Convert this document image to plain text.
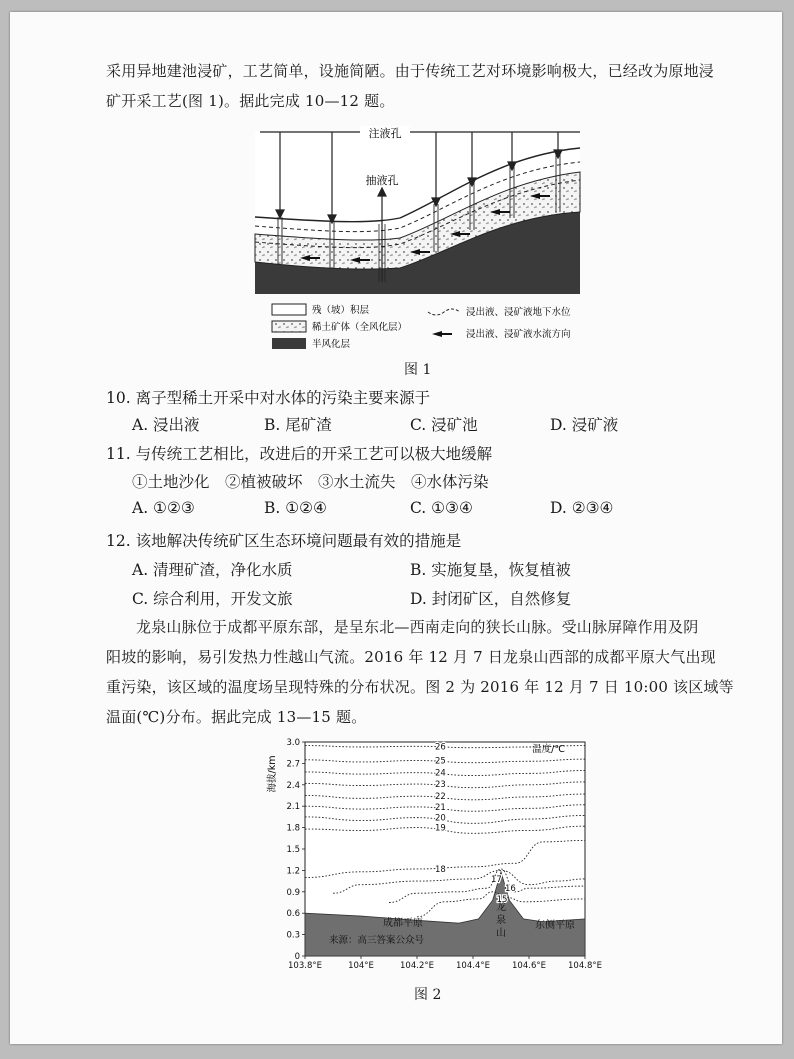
采用异地建池浸矿，工艺简单，设施简陋。由于传统工艺对环境影响极大，已经改为原地浸
矿开采工艺(图 1)。据此完成 10—12 题。
注液孔
抽液孔
残（坡）积层
稀土矿体（全风化层）
半风化层
浸出液、浸矿液地下水位
浸出液、浸矿液水流方向
图 1
10. 离子型稀土开采中对水体的污染主要来源于
A. 浸出液	B. 尾矿渣	C. 浸矿池	D. 浸矿液
11. 与传统工艺相比，改进后的开采工艺可以极大地缓解
①土地沙化　②植被破坏　③水土流失　④水体污染
A. ①②③	B. ①②④	C. ①③④	D. ②③④
12. 该地解决传统矿区生态环境问题最有效的措施是
A. 清理矿渣，净化水质	B. 实施复垦，恢复植被
C. 综合利用，开发文旅	D. 封闭矿区，自然修复
龙泉山脉位于成都平原东部，是呈东北—西南走向的狭长山脉。受山脉屏障作用及阴
阳坡的影响，易引发热力性越山气流。2016 年 12 月 7 日龙泉山西部的成都平原大气出现
重污染，该区域的温度场呈现特殊的分布状况。图 2 为 2016 年 12 月 7 日 10:00 该区域等
温面(℃)分布。据此完成 13—15 题。
26
25
24
23
22
21
20
19
18
17
16
15
0
0.3
0.6
0.9
1.2
1.5
1.8
2.1
2.4
2.7
3.0
103.8°E	104°E	104.2°E	104.4°E	104.6°E	104.8°E
海拔/km
温度/℃
成都平原	东侧平原
来源：高三答案公众号
龙
泉
山
图 2
